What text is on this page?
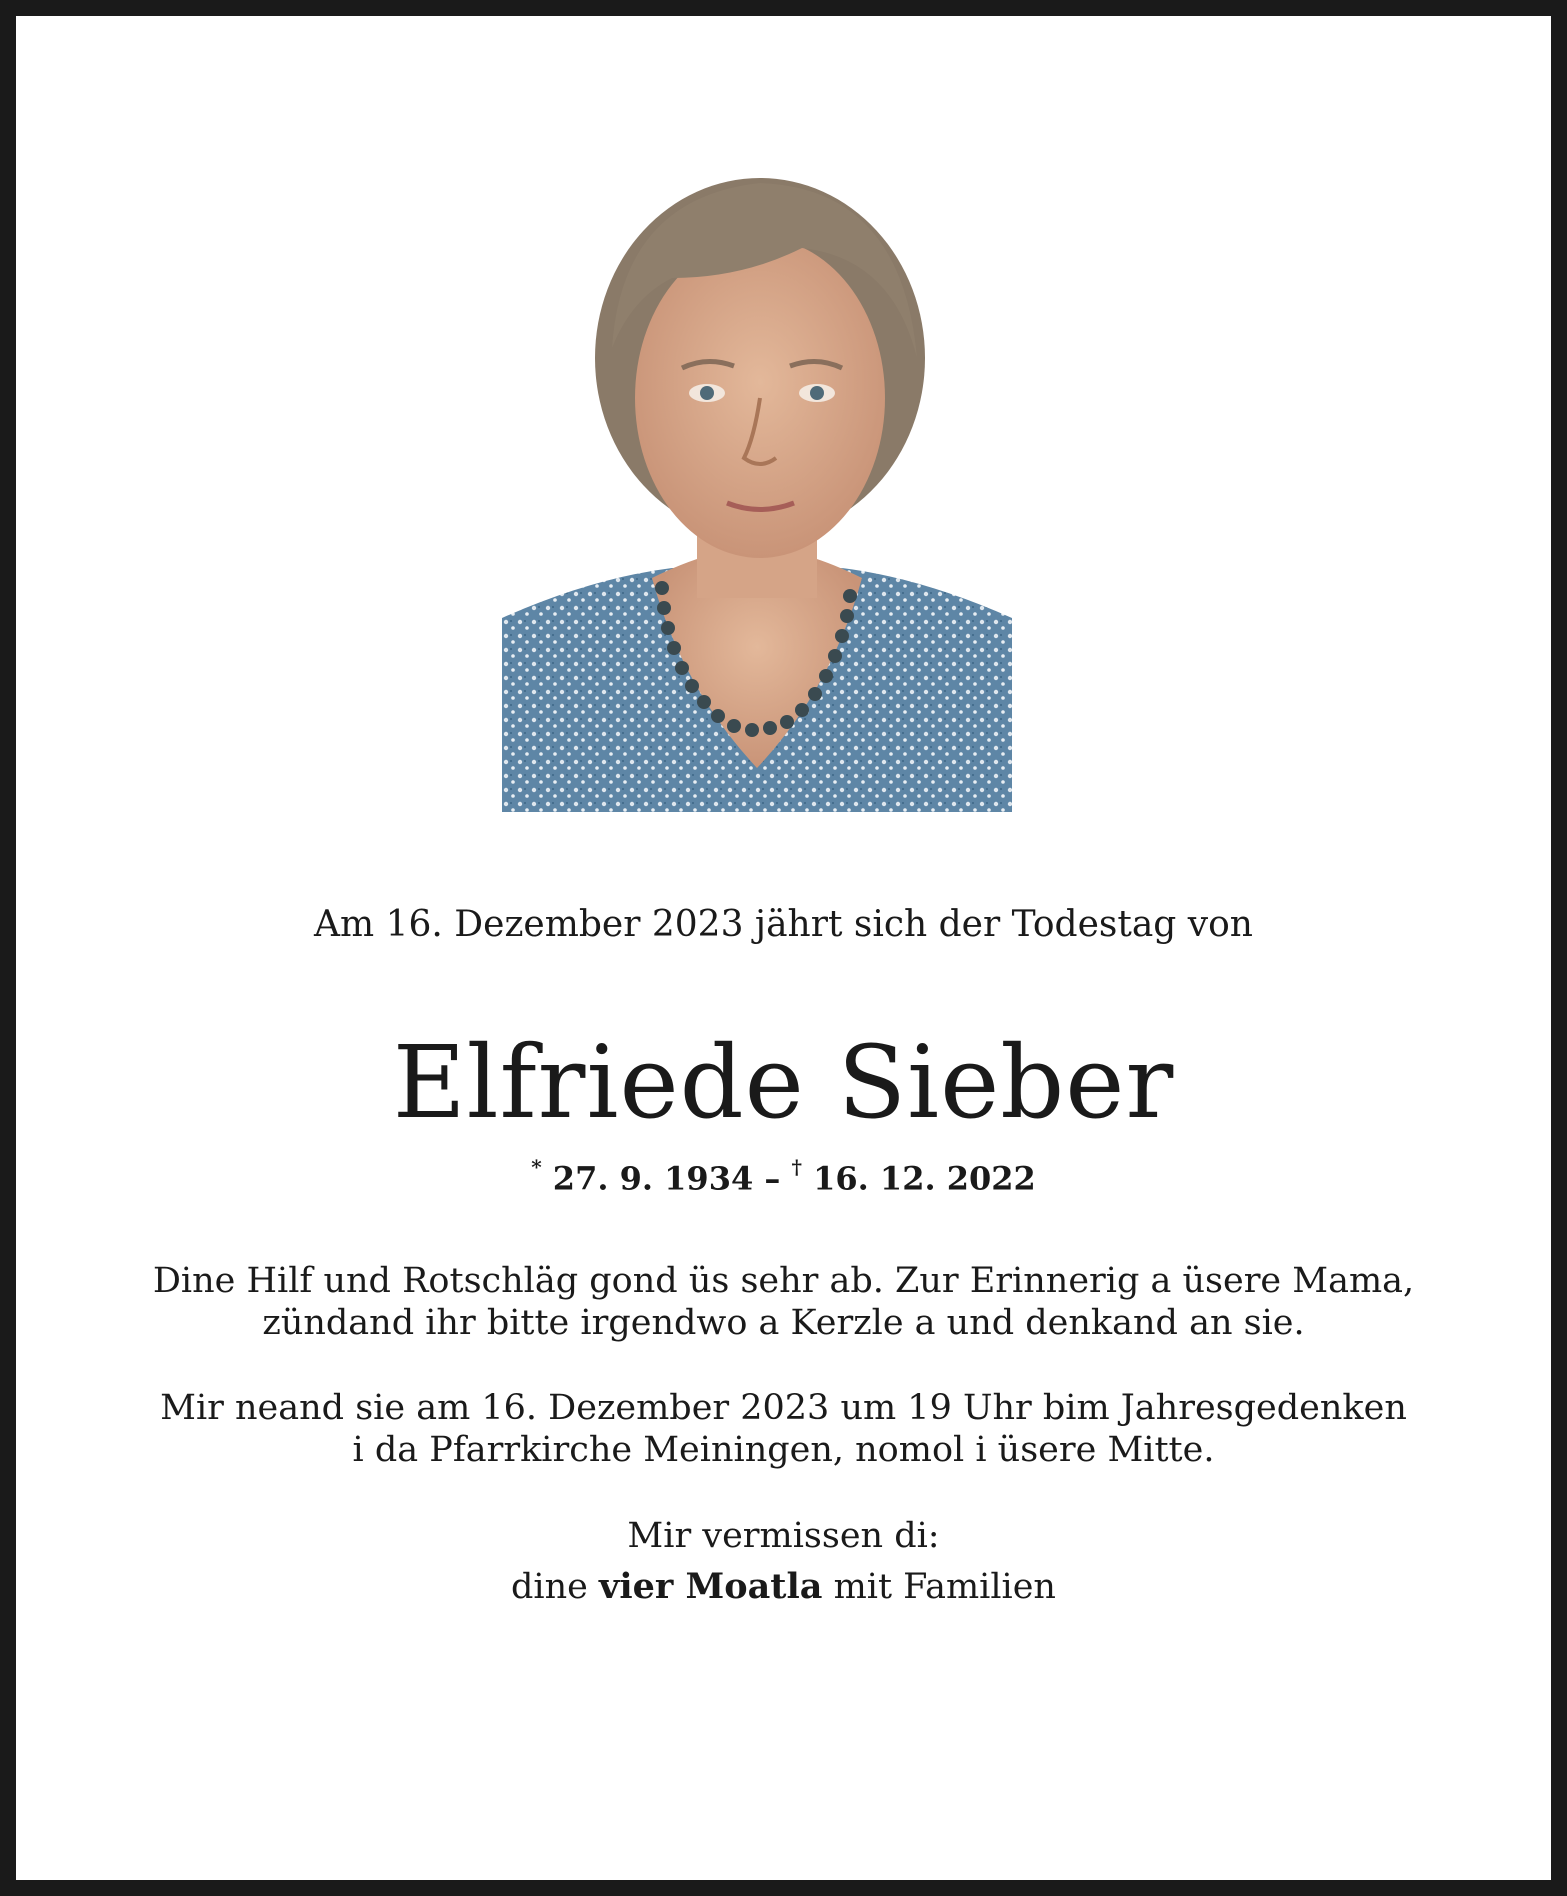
Am 16. Dezember 2023 jährt sich der Todestag von
Elfriede Sieber
* 27. 9. 1934 – † 16. 12. 2022
Dine Hilf und Rotschläg gond üs sehr ab. Zur Erinnerig a üsere Mama,
zündand ihr bitte irgendwo a Kerzle a und denkand an sie.
Mir neand sie am 16. Dezember 2023 um 19 Uhr bim Jahresgedenken
i da Pfarrkirche Meiningen, nomol i üsere Mitte.
Mir vermissen di:
dine vier Moatla mit Familien
